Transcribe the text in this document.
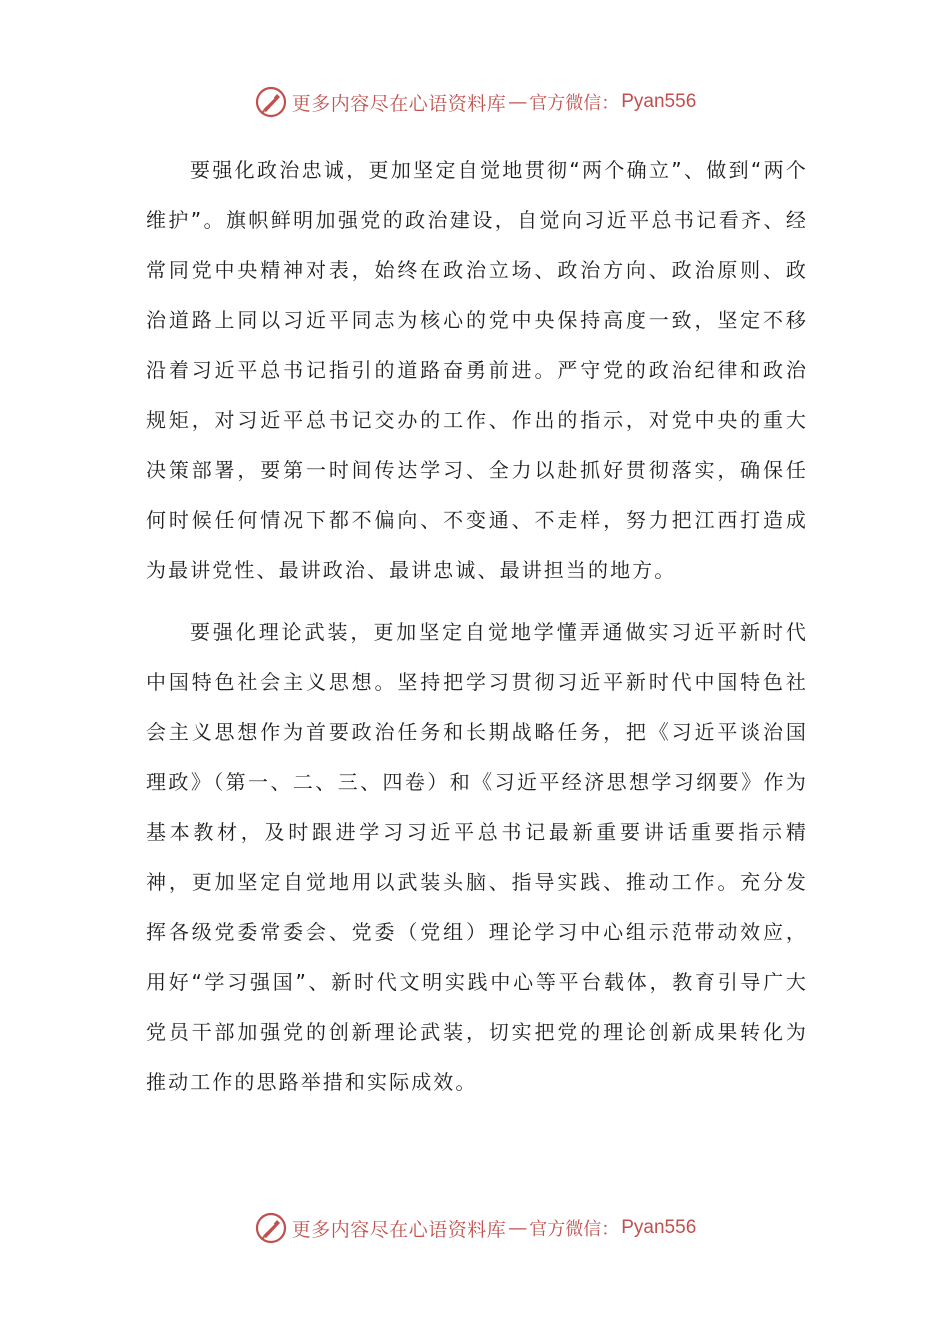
更多内容尽在心语资料库 — 官方微信： Pyan556

要强化政治忠诚，更加坚定自觉地贯彻“两个确立”、做到“两个维护”。旗帜鲜明加强党的政治建设，自觉向习近平总书记看齐、经常同党中央精神对表，始终在政治立场、政治方向、政治原则、政治道路上同以习近平同志为核心的党中央保持高度一致，坚定不移沿着习近平总书记指引的道路奋勇前进。严守党的政治纪律和政治规矩，对习近平总书记交办的工作、作出的指示，对党中央的重大决策部署，要第一时间传达学习、全力以赴抓好贯彻落实，确保任何时候任何情况下都不偏向、不变通、不走样，努力把江西打造成为最讲党性、最讲政治、最讲忠诚、最讲担当的地方。

要强化理论武装，更加坚定自觉地学懂弄通做实习近平新时代中国特色社会主义思想。坚持把学习贯彻习近平新时代中国特色社会主义思想作为首要政治任务和长期战略任务，把《习近平谈治国理政》（第一、二、三、四卷）和《习近平经济思想学习纲要》作为基本教材，及时跟进学习习近平总书记最新重要讲话重要指示精神，更加坚定自觉地用以武装头脑、指导实践、推动工作。充分发挥各级党委常委会、党委（党组）理论学习中心组示范带动效应，用好“学习强国”、新时代文明实践中心等平台载体，教育引导广大党员干部加强党的创新理论武装，切实把党的理论创新成果转化为推动工作的思路举措和实际成效。

更多内容尽在心语资料库 — 官方微信： Pyan556
